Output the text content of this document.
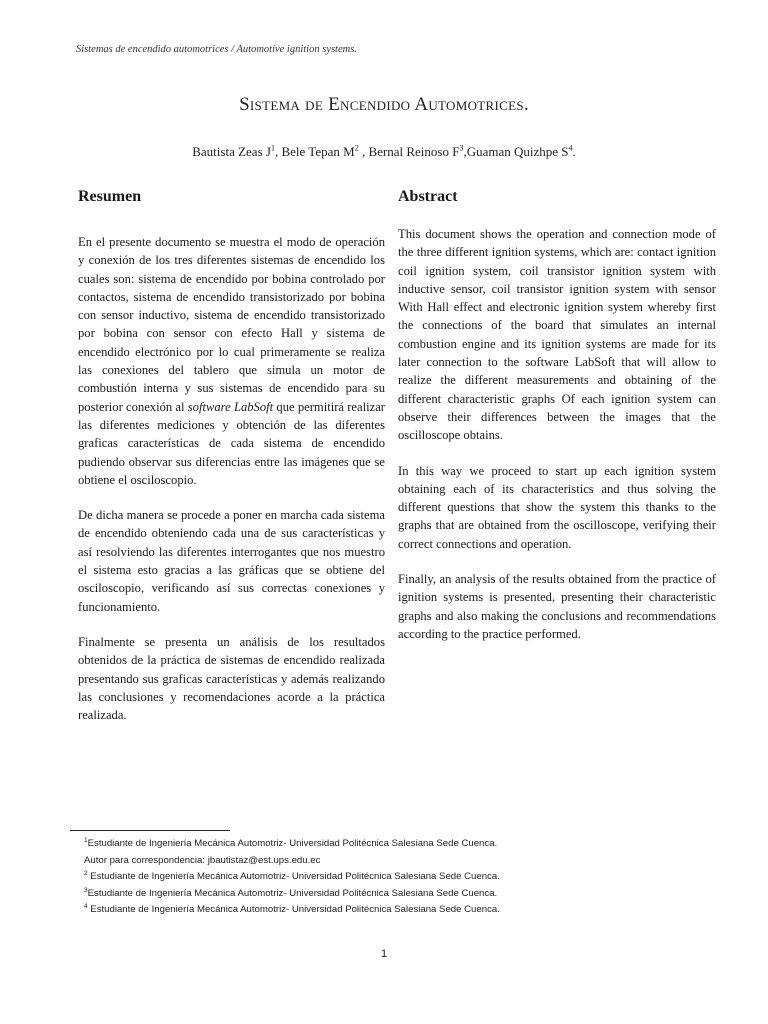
Sistemas de encendido automotrices / Automotive ignition systems.
Sistema de Encendido Automotrices.
Bautista Zeas $J^1$, Bele Tepan $M^2$ , Bernal Reinoso $F^3,Guaman$ Quizhpe $S^4$.
Resumen

En el presente documento se muestra el modo de operación y conexión de los tres diferentes sistemas de encendido los cuales son: sistema de encendido por bobina controlado por contactos, sistema de encendido transistorizado por bobina con sensor inductivo, sistema de encendido transistorizado por bobina con sensor con efecto Hall y sistema de encendido electrónico por lo cual primeramente se realiza las conexiones del tablero que simula un motor de combustión interna y sus sistemas de encendido para su posterior conexión al software LabSoft que permitirá realizar las diferentes mediciones y obtención de las diferentes graficas características de cada sistema de encendido pudiendo observar sus diferencias entre las imágenes que se obtiene el osciloscopio.

De dicha manera se procede a poner en marcha cada sistema de encendido obteniendo cada una de sus características y así resolviendo las diferentes interrogantes que nos muestro el sistema esto gracias a las gráficas que se obtiene del osciloscopio, verificando así sus correctas conexiones y funcionamiento.

Finalmente se presenta un análisis de los resultados obtenidos de la práctica de sistemas de encendido realizada presentando sus graficas características y además realizando las conclusiones y recomendaciones acorde a la práctica realizada.

Abstract

This document shows the operation and connection mode of the three different ignition systems, which are: contact ignition coil ignition system, coil transistor ignition system with inductive sensor, coil transistor ignition system with sensor With Hall effect and electronic ignition system whereby first the connections of the board that simulates an internal combustion engine and its ignition systems are made for its later connection to the software LabSoft that will allow to realize the different measurements and obtaining of the different characteristic graphs Of each ignition system can observe their differences between the images that the oscilloscope obtains.

In this way we proceed to start up each ignition system obtaining each of its characteristics and thus solving the different questions that show the system this thanks to the graphs that are obtained from the oscilloscope, verifying their correct connections and operation.

Finally, an analysis of the results obtained from the practice of ignition systems is presented, presenting their characteristic graphs and also making the conclusions and recommendations according to the practice performed.

$^1$Estudiante de Ingeniería Mecánica Automotriz- Universidad Politécnica Salesiana Sede Cuenca.
Autor para correspondencia: jbautistaz@est.ups.edu.ec
$^2$ Estudiante de Ingeniería Mecánica Automotriz- Universidad Politécnica Salesiana Sede Cuenca.
$^3$Estudiante de Ingeniería Mecánica Automotriz- Universidad Politécnica Salesiana Sede Cuenca.
$^4$ Estudiante de Ingeniería Mecánica Automotriz- Universidad Politécnica Salesiana Sede Cuenca.
1
